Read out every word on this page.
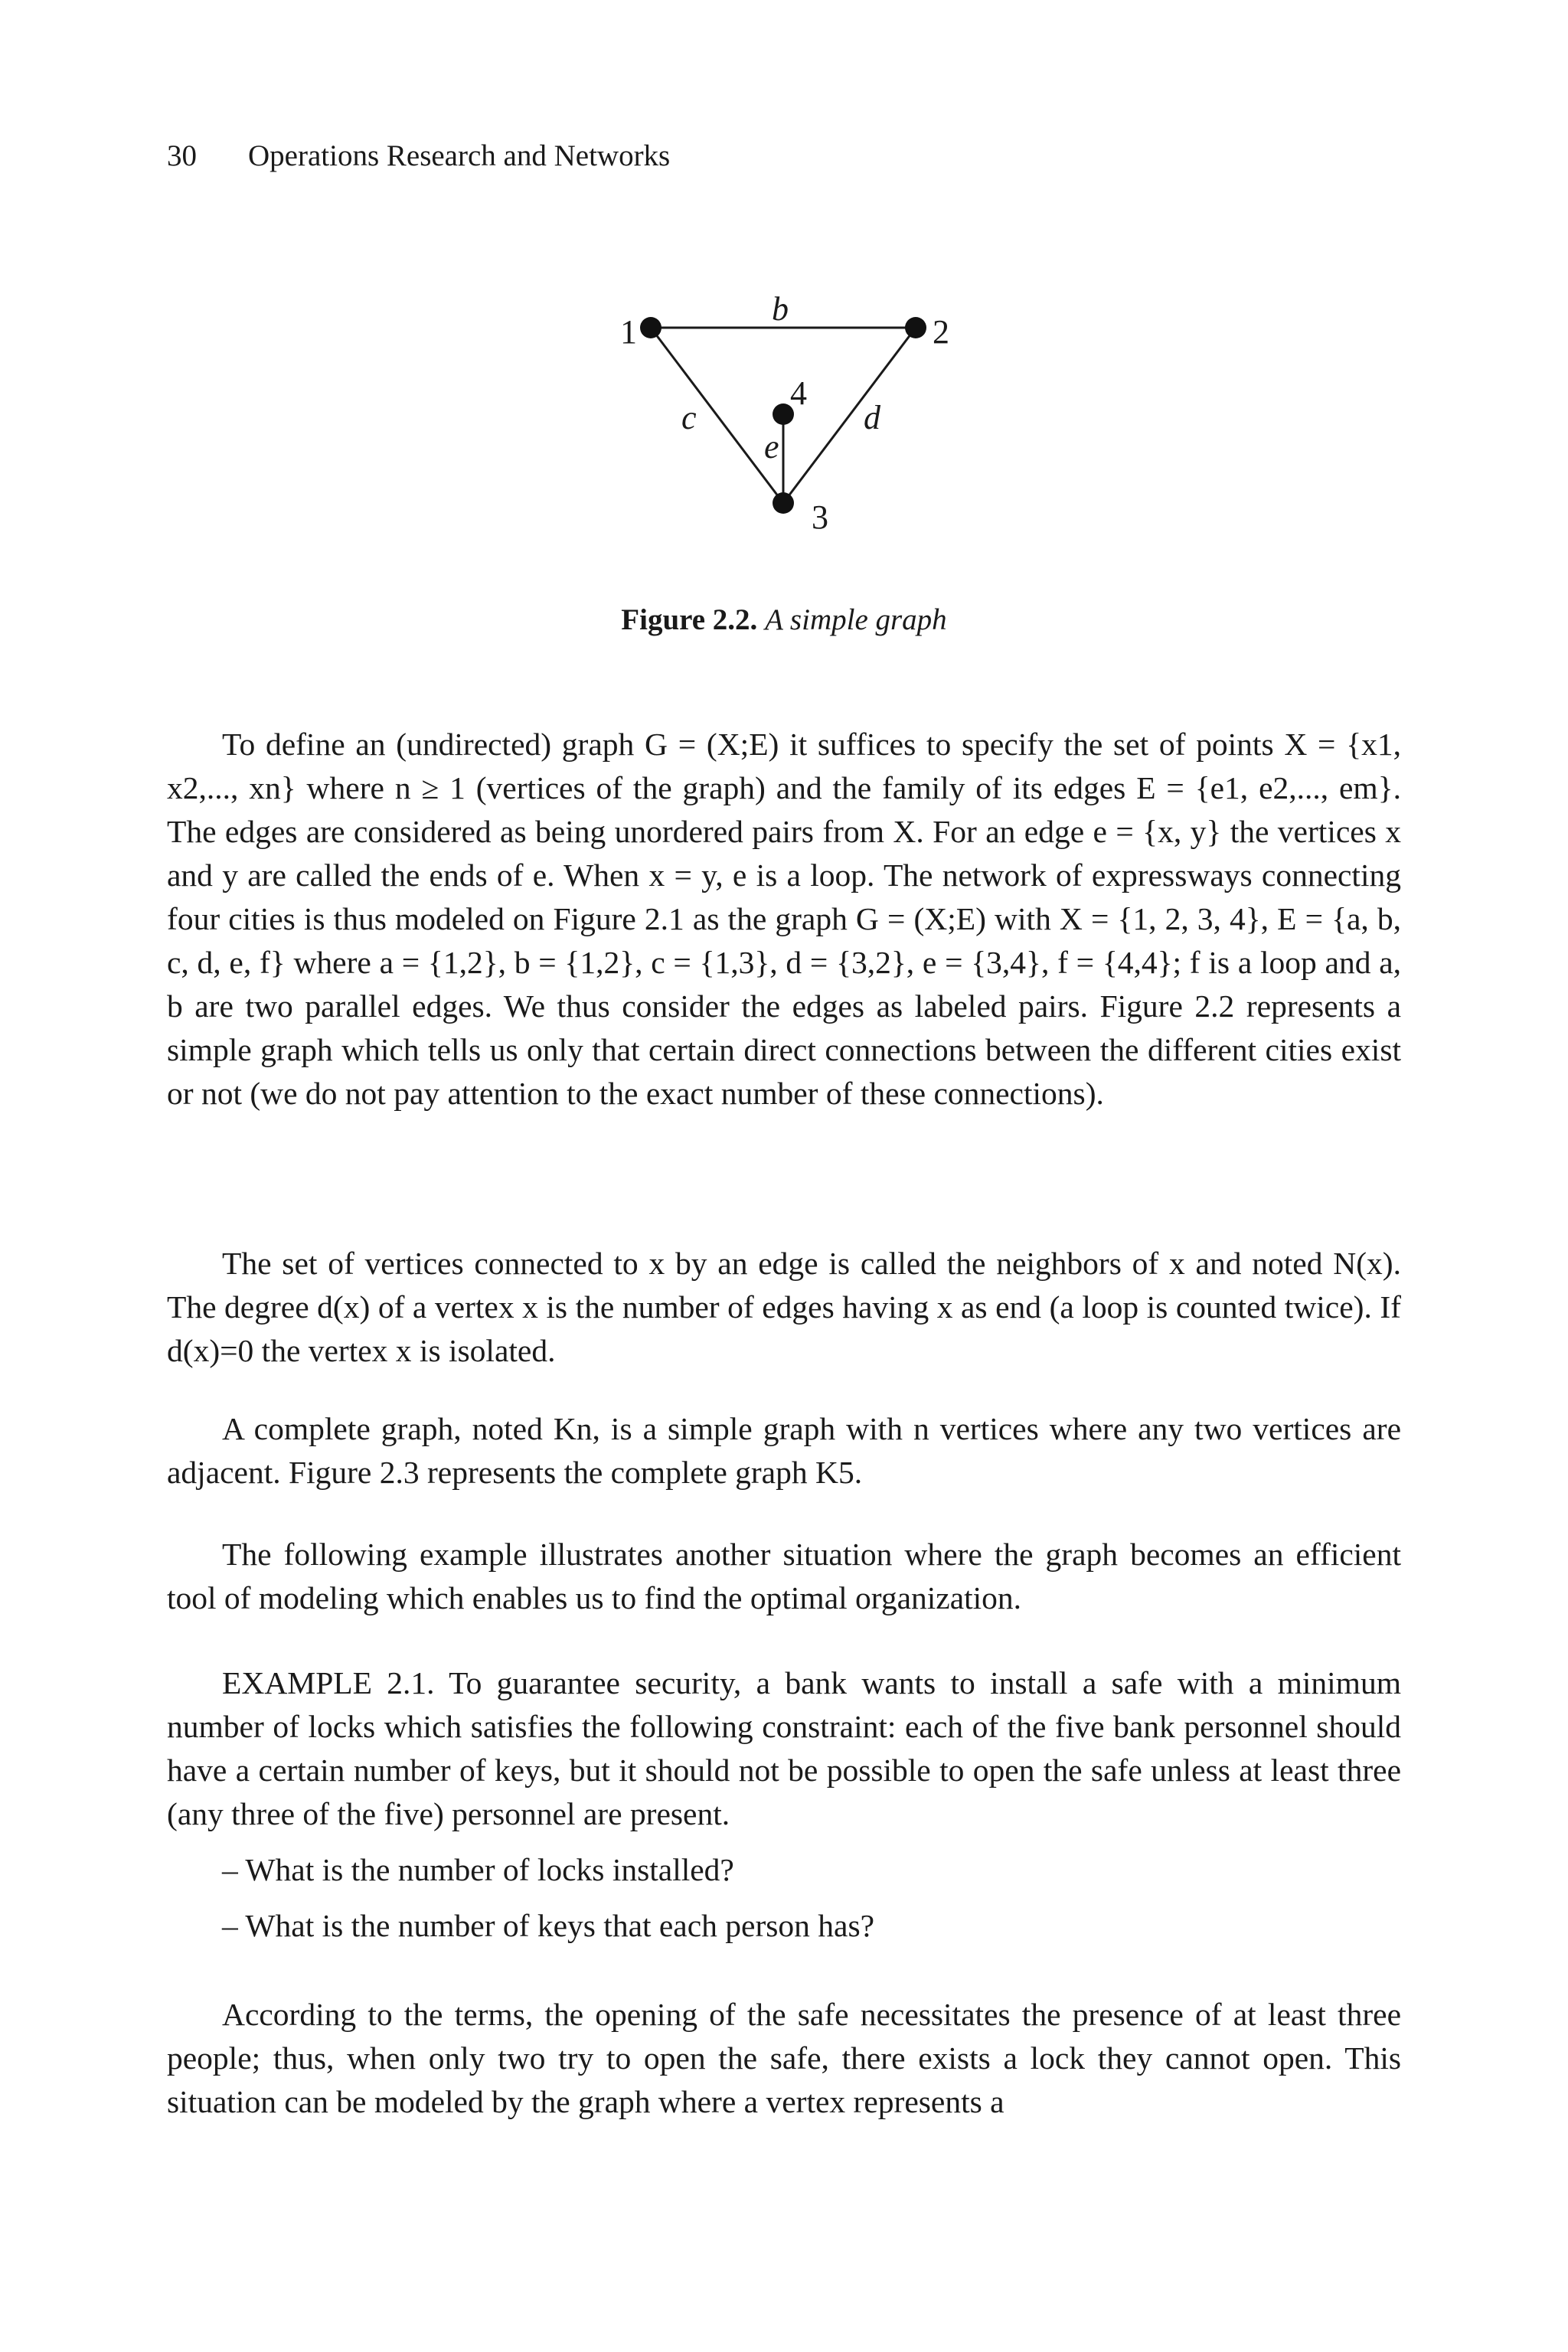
30 Operations Research and Networks
1	2
3
4
b
c	d
e
Figure 2.2. A simple graph

To define an (undirected) graph G = (X;E) it suffices to specify the set of points X = {x1, x2,..., xn} where n ≥ 1 (vertices of the graph) and the family of its edges E = {e1, e2,..., em}. The edges are considered as being unordered pairs from X. For an edge e = {x, y} the vertices x and y are called the ends of e. When x = y, e is a loop. The network of expressways connecting four cities is thus modeled on Figure 2.1 as the graph G = (X;E) with X = {1, 2, 3, 4}, E = {a, b, c, d, e, f} where a = {1,2}, b = {1,2}, c = {1,3}, d = {3,2}, e = {3,4}, f = {4,4}; f is a loop and a, b are two parallel edges. We thus consider the edges as labeled pairs. Figure 2.2 represents a simple graph which tells us only that certain direct connections between the different cities exist or not (we do not pay attention to the exact number of these connections).

The set of vertices connected to x by an edge is called the neighbors of x and noted N(x). The degree d(x) of a vertex x is the number of edges having x as end (a loop is counted twice). If d(x)=0 the vertex x is isolated.

A complete graph, noted Kn, is a simple graph with n vertices where any two vertices are adjacent. Figure 2.3 represents the complete graph K5.

The following example illustrates another situation where the graph becomes an efficient tool of modeling which enables us to find the optimal organization.

EXAMPLE 2.1. To guarantee security, a bank wants to install a safe with a minimum number of locks which satisfies the following constraint: each of the five bank personnel should have a certain number of keys, but it should not be possible to open the safe unless at least three (any three of the five) personnel are present.

– What is the number of locks installed?
– What is the number of keys that each person has?

According to the terms, the opening of the safe necessitates the presence of at least three people; thus, when only two try to open the safe, there exists a lock they cannot open. This situation can be modeled by the graph where a vertex represents a
